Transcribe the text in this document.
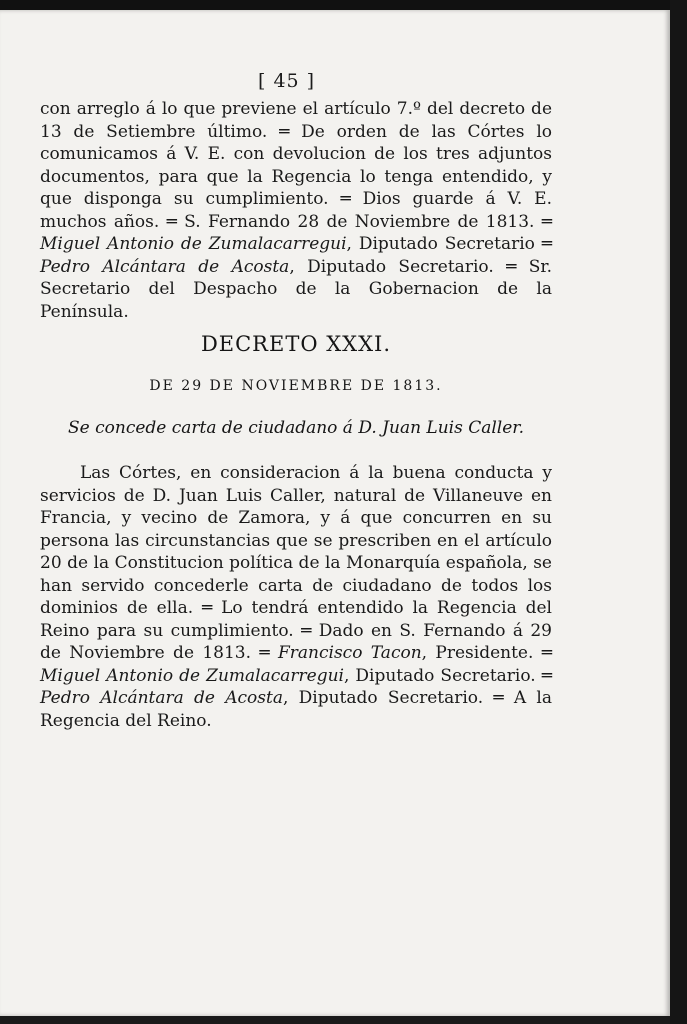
[ 45 ]

con arreglo á lo que previene el artículo 7.º del decreto de 13 de Setiembre último. ═ De orden de las Córtes lo comunicamos á V. E. con devolucion de los tres adjuntos documentos, para que la Regencia lo tenga entendido, y que disponga su cumplimiento. ═ Dios guarde á V. E. muchos años. ═ S. Fernando 28 de Noviembre de 1813. ═ Miguel Antonio de Zumalacarregui, Diputado Secretario ═ Pedro Alcántara de Acosta, Diputado Secretario. ═ Sr. Secretario del Despacho de la Gobernacion de la Península.

DECRETO XXXI.
DE 29 DE NOVIEMBRE DE 1813.
Se concede carta de ciudadano á D. Juan Luis Caller.

Las Córtes, en consideracion á la buena conducta y servicios de D. Juan Luis Caller, natural de Villaneuve en Francia, y vecino de Zamora, y á que concurren en su persona las circunstancias que se prescriben en el artículo 20 de la Constitucion política de la Monarquía española, se han servido concederle carta de ciudadano de todos los dominios de ella. ═ Lo tendrá entendido la Regencia del Reino para su cumplimiento. ═ Dado en S. Fernando á 29 de Noviembre de 1813. ═ Francisco Tacon, Presidente. ═ Miguel Antonio de Zumalacarregui, Diputado Secretario. ═ Pedro Alcántara de Acosta, Diputado Secretario. ═ A la Regencia del Reino.
